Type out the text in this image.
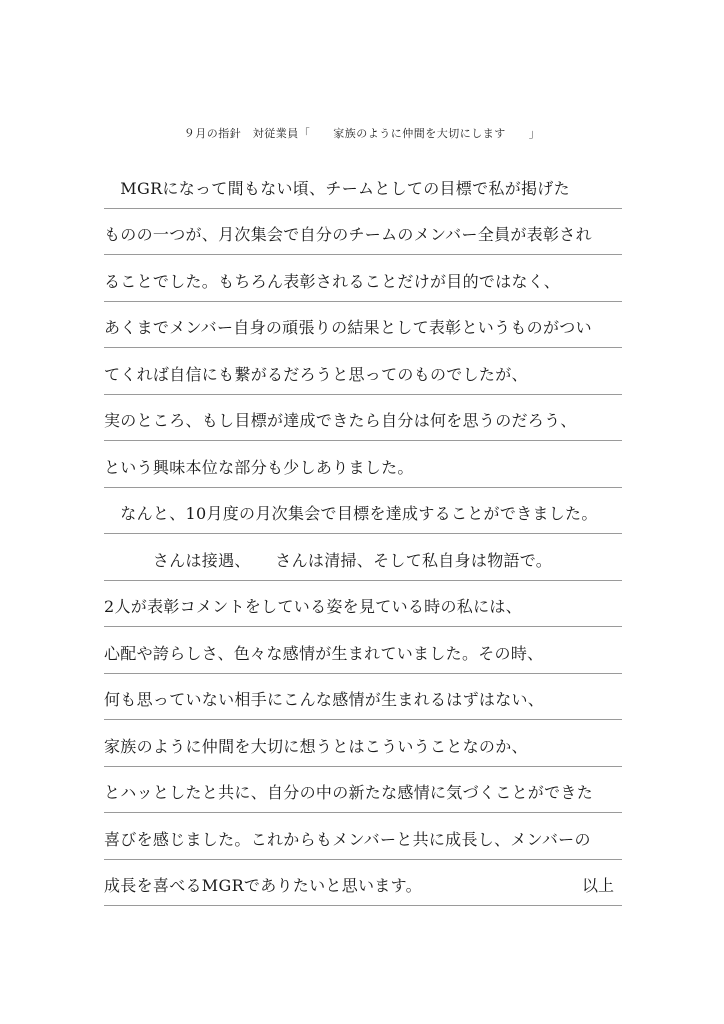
９月の指針　対従業員「　　家族のように仲間を大切にします　　」
　MGRになって間もない頃、チームとしての目標で私が掲げた
ものの一つが、月次集会で自分のチームのメンバー全員が表彰され
ることでした。もちろん表彰されることだけが目的ではなく、
あくまでメンバー自身の頑張りの結果として表彰というものがつい
てくれば自信にも繋がるだろうと思ってのものでしたが、
実のところ、もし目標が達成できたら自分は何を思うのだろう、
という興味本位な部分も少しありました。
　なんと、10月度の月次集会で目標を達成することができました。
　　　さんは接遇、　　さんは清掃、そして私自身は物語で。
2人が表彰コメントをしている姿を見ている時の私には、
心配や誇らしさ、色々な感情が生まれていました。その時、
何も思っていない相手にこんな感情が生まれるはずはない、
家族のように仲間を大切に想うとはこういうことなのか、
とハッとしたと共に、自分の中の新たな感情に気づくことができた
喜びを感じました。これからもメンバーと共に成長し、メンバーの
成長を喜べるMGRでありたいと思います。	以上
